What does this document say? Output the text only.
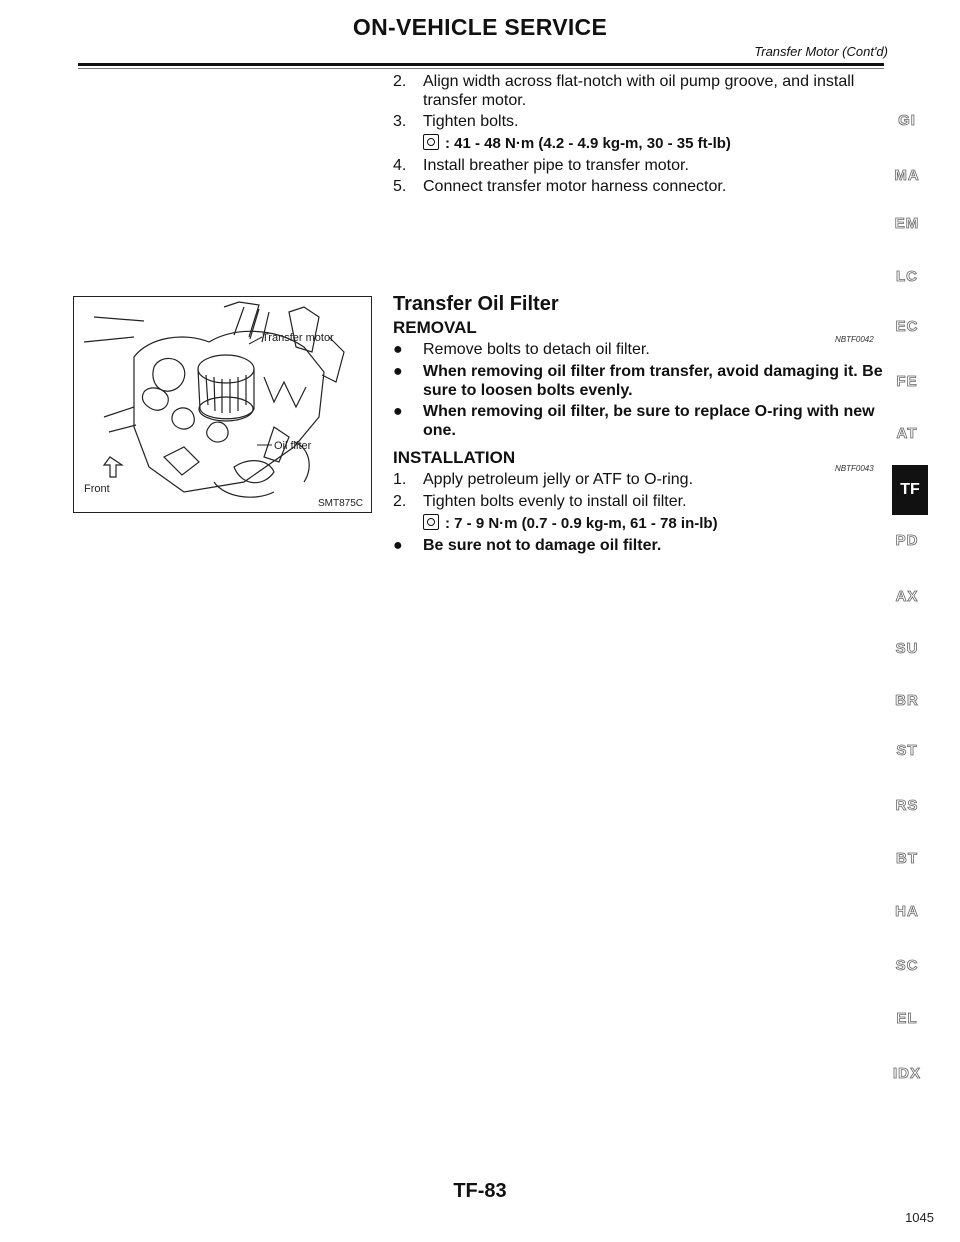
ON-VEHICLE SERVICE
Transfer Motor (Cont'd)
2. Align width across flat-notch with oil pump groove, and install transfer motor.
3. Tighten bolts.
: 41 - 48 N·m (4.2 - 4.9 kg-m, 30 - 35 ft-lb)
4. Install breather pipe to transfer motor.
5. Connect transfer motor harness connector.
Transfer motor
Oil filter
Front
SMT875C
Transfer Oil Filter
REMOVAL
NBTF0042
● Remove bolts to detach oil filter.
● When removing oil filter from transfer, avoid damaging it. Be sure to loosen bolts evenly.
● When removing oil filter, be sure to replace O-ring with new one.
INSTALLATION
NBTF0043
1. Apply petroleum jelly or ATF to O-ring.
2. Tighten bolts evenly to install oil filter.
: 7 - 9 N·m (0.7 - 0.9 kg-m, 61 - 78 in-lb)
● Be sure not to damage oil filter.
GI
MA
EM
LC
EC
FE
AT
TF
PD
AX
SU
BR
ST
RS
BT
HA
SC
EL
IDX
TF-83
1045
